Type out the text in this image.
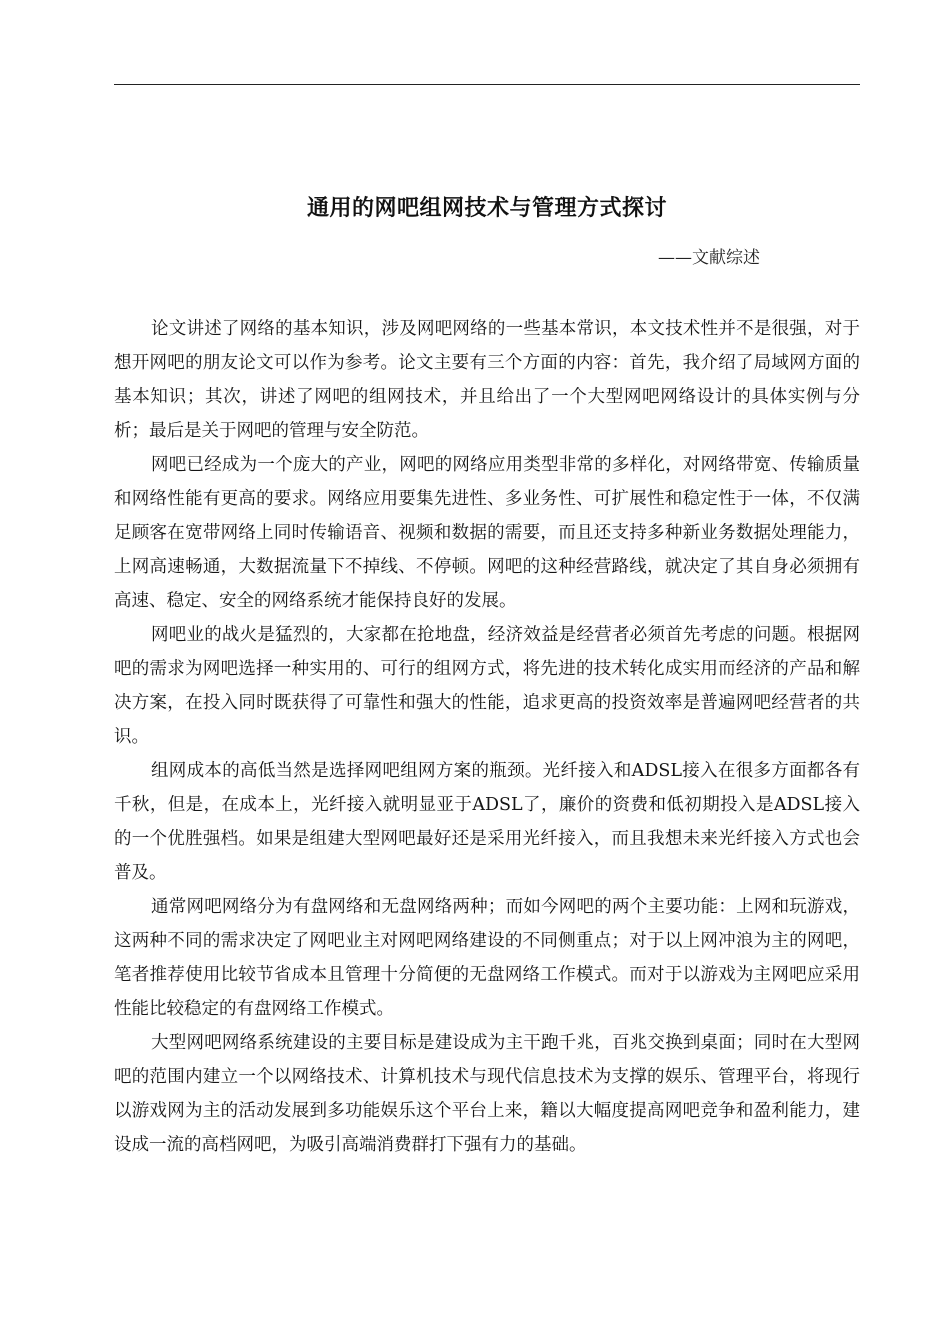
通用的网吧组网技术与管理方式探讨
——文献综述

论文讲述了网络的基本知识，涉及网吧网络的一些基本常识，本文技术性并不是很强，对于想开网吧的朋友论文可以作为参考。论文主要有三个方面的内容：首先，我介绍了局域网方面的基本知识；其次，讲述了网吧的组网技术，并且给出了一个大型网吧网络设计的具体实例与分析；最后是关于网吧的管理与安全防范。

网吧已经成为一个庞大的产业，网吧的网络应用类型非常的多样化，对网络带宽、传输质量和网络性能有更高的要求。网络应用要集先进性、多业务性、可扩展性和稳定性于一体，不仅满足顾客在宽带网络上同时传输语音、视频和数据的需要，而且还支持多种新业务数据处理能力，上网高速畅通，大数据流量下不掉线、不停顿。网吧的这种经营路线，就决定了其自身必须拥有高速、稳定、安全的网络系统才能保持良好的发展。

网吧业的战火是猛烈的，大家都在抢地盘，经济效益是经营者必须首先考虑的问题。根据网吧的需求为网吧选择一种实用的、可行的组网方式，将先进的技术转化成实用而经济的产品和解决方案，在投入同时既获得了可靠性和强大的性能，追求更高的投资效率是普遍网吧经营者的共识。

组网成本的高低当然是选择网吧组网方案的瓶颈。光纤接入和ADSL接入在很多方面都各有千秋，但是，在成本上，光纤接入就明显亚于ADSL了，廉价的资费和低初期投入是ADSL接入的一个优胜强档。如果是组建大型网吧最好还是采用光纤接入，而且我想未来光纤接入方式也会普及。

通常网吧网络分为有盘网络和无盘网络两种；而如今网吧的两个主要功能：上网和玩游戏，这两种不同的需求决定了网吧业主对网吧网络建设的不同侧重点；对于以上网冲浪为主的网吧，笔者推荐使用比较节省成本且管理十分简便的无盘网络工作模式。而对于以游戏为主网吧应采用性能比较稳定的有盘网络工作模式。

大型网吧网络系统建设的主要目标是建设成为主干跑千兆，百兆交换到桌面；同时在大型网吧的范围内建立一个以网络技术、计算机技术与现代信息技术为支撑的娱乐、管理平台，将现行以游戏网为主的活动发展到多功能娱乐这个平台上来，籍以大幅度提高网吧竞争和盈利能力，建设成一流的高档网吧，为吸引高端消费群打下强有力的基础。
